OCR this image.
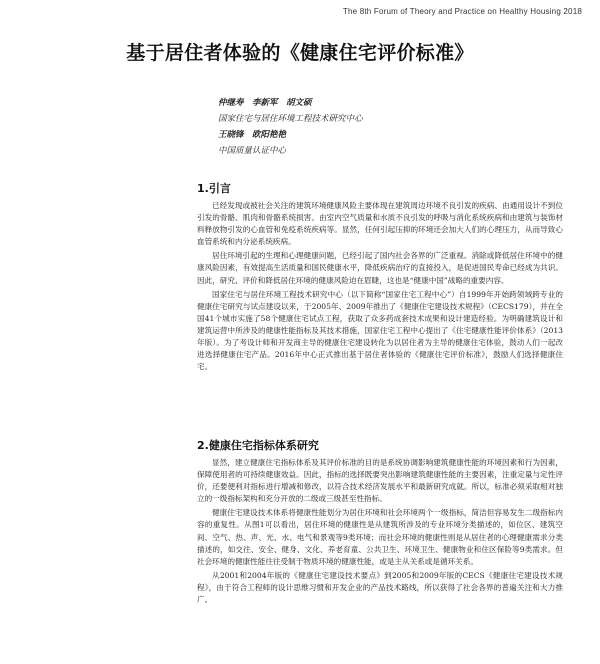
The 8th Forum of Theory and Practice on Healthy Housing 2018
基于居住者体验的《健康住宅评价标准》
仲继寿　李新军　胡文硕
国家住宅与居住环境工程技术研究中心
王晓锋　欧阳艳艳
中国质量认证中心
1.引言

已经发现或被社会关注的建筑环境健康风险主要体现在建筑周边环境不良引发的疾病、由通用设计不到位引发的骨骼、肌肉和骨骼系统损害、由室内空气质量和水质不良引发的呼吸与消化系统疾病和由建筑与装饰材料释放物引发的心血管和免疫系统疾病等。显然，任何引起压抑的环境还会加大人们的心理压力，从而导致心血管系统和内分泌系统疾病。

居住环境引起的生理和心理健康问题，已经引起了国内社会各界的广泛重视。消除或降低居住环境中的健康风险因素，有效提高生活质量和国民健康水平，降低疾病治疗的直接投入，是促进国民寿命已经成为共识。因此，研究、评价和降低居住环境的健康风险迫在眉睫，这也是“健康中国”战略的重要内容。

国家住宅与居住环境工程技术研究中心（以下简称“国家住宅工程中心”）自1999年开始跨领域跨专业的健康住宅研究与试点建设以来，于2005年、2009年推出了《健康住宅建设技术规程》（CECS179），并在全国41个城市实施了58个健康住宅试点工程，获取了众多药成套技术成果和设计建造经验。为明确建筑设计和建筑运营中所涉及的健康性能指标及其技术措施，国家住宅工程中心提出了《住宅健康性能评价体系》（2013年版）。为了考设计师和开发商主导的健康住宅建设转化为以居住者为主导的健康住宅体验，鼓动人们一起改进选择健康住宅产品。2016年中心正式推出基于居住者体验的《健康住宅评价标准》，鼓励人们选择健康住宅。

2.健康住宅指标体系研究

显然，建立健康住宅指标体系及其评价标准的目的是系统协调影响建筑健康性能的环境因素和行为因素，保障使用者的可持续健康效益。因此，指标的选择既要突出影响建筑健康性能的主要因素，注重定量与定性评价，还要便利对指标进行增减和修改，以符合技术经济发展水平和最新研究成就。所以，标准必须采取相对独立的一级指标架构和充分开放的二级或三级甚至性指标。

健康住宅建设技术体系将健康性能划分为居住环境和社会环境两个一级指标，简洁但容易发生二级指标内容的重复性。从图1可以看出，居住环境的健康性是从建筑所涉及的专业环境分类描述的，如位区、建筑空间、空气、热、声、光、水、电气和景观等9类环境；而社会环境的健康性则是从居住者的心理健康需求分类描述的，如交往、安全、健身、文化、养老育童、公共卫生、环境卫生、健康物业和住区保险等9类需求。但社会环境的健康性能往往受制于物质环境的健康性能，或是主从关系或是循环关系。

从2001和2004年版的《健康住宅建设技术要点》到2005和2009年版的CECS《健康住宅建设技术规程》，由于符合工程师的设计思维习惯和开发企业的产品技术路线，所以获得了社会各界的普遍关注和大力推广。
